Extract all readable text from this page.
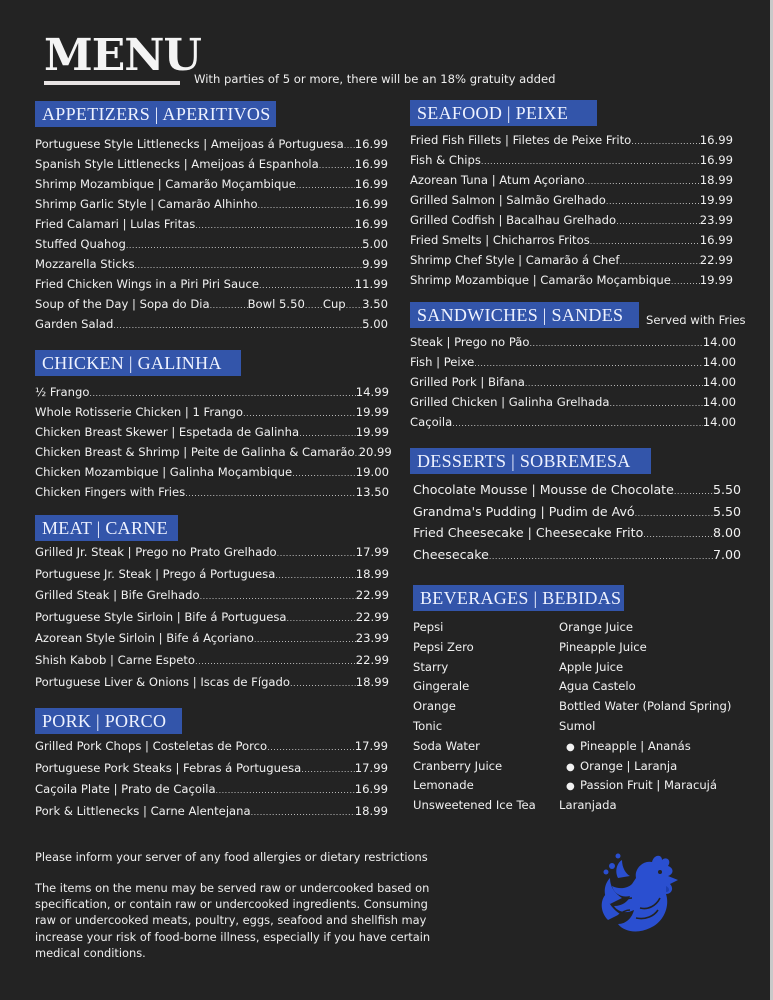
MENU
With parties of 5 or more, there will be an 18% gratuity added
APPETIZERS | APERITIVOS
Portuguese Style Littlenecks | Ameijoas á Portuguesa ..... 16.99
Spanish Style Littlenecks | Ameijoas á Espanhola .....	16.99
Shrimp Mozambique | Camarão Moçambique .....	16.99
Shrimp Garlic Style | Camarão Alhinho .....	16.99
Fried Calamari | Lulas Fritas .....	16.99
Stuffed Quahog .....	5.00
Mozzarella Sticks .....	9.99
Fried Chicken Wings in a Piri Piri Sauce .....	11.99
Soup of the Day | Sopa do Dia .....	Bowl 5.50 ..... Cup ..... 3.50
Garden Salad .....	5.00
CHICKEN | GALINHA
½ Frango .....	14.99
Whole Rotisserie Chicken | 1 Frango .....	19.99
Chicken Breast Skewer | Espetada de Galinha .....	19.99
Chicken Breast & Shrimp | Peite de Galinha & Camarão ..... 20.99
Chicken Mozambique | Galinha Moçambique .....	19.00
Chicken Fingers with Fries .....	13.50
MEAT | CARNE
Grilled Jr. Steak | Prego no Prato Grelhado .....	17.99
Portuguese Jr. Steak | Prego á Portuguesa .....	18.99
Grilled Steak | Bife Grelhado .....	22.99
Portuguese Style Sirloin | Bife á Portuguesa .....	22.99
Azorean Style Sirloin | Bife á Açoriano .....	23.99
Shish Kabob | Carne Espeto .....	22.99
Portuguese Liver & Onions | Iscas de Fígado .....	18.99
PORK | PORCO
Grilled Pork Chops | Costeletas de Porco .....	17.99
Portuguese Pork Steaks | Febras á Portuguesa .....	17.99
Caçoila Plate | Prato de Caçoila .....	16.99
Pork & Littlenecks | Carne Alentejana .....	18.99
SEAFOOD | PEIXE
Fried Fish Fillets | Filetes de Peixe Frito .....	16.99
Fish & Chips .....	16.99
Azorean Tuna | Atum Açoriano .....	18.99
Grilled Salmon | Salmão Grelhado .....	19.99
Grilled Codfish | Bacalhau Grelhado .....	23.99
Fried Smelts | Chicharros Fritos .....	16.99
Shrimp Chef Style | Camarão á Chef .....	22.99
Shrimp Mozambique | Camarão Moçambique ..... 19.99
SANDWICHES | SANDES	Served with Fries
Steak | Prego no Pão .....	14.00
Fish | Peixe .....	14.00
Grilled Pork | Bifana .....	14.00
Grilled Chicken | Galinha Grelhada .....	14.00
Caçoila .....	14.00
DESSERTS | SOBREMESA
Chocolate Mousse | Mousse de Chocolate .....	5.50
Grandma's Pudding | Pudim de Avó .....	5.50
Fried Cheesecake | Cheesecake Frito .....	8.00
Cheesecake .....	7.00
BEVERAGES | BEBIDAS
Pepsi
Pepsi Zero
Starry
Gingerale
Orange
Tonic
Soda Water
Cranberry Juice
Lemonade
Unsweetened Ice Tea
Orange Juice
Pineapple Juice
Apple Juice
Agua Castelo
Bottled Water (Poland Spring)
Sumol
● Pineapple | Ananás
● Orange | Laranja
● Passion Fruit | Maracujá
Laranjada

Please inform your server of any food allergies or dietary restrictions

The items on the menu may be served raw or undercooked based on specification, or contain raw or undercooked ingredients. Consuming raw or undercooked meats, poultry, eggs, seafood and shellfish may increase your risk of food-borne illness, especially if you have certain medical conditions.
